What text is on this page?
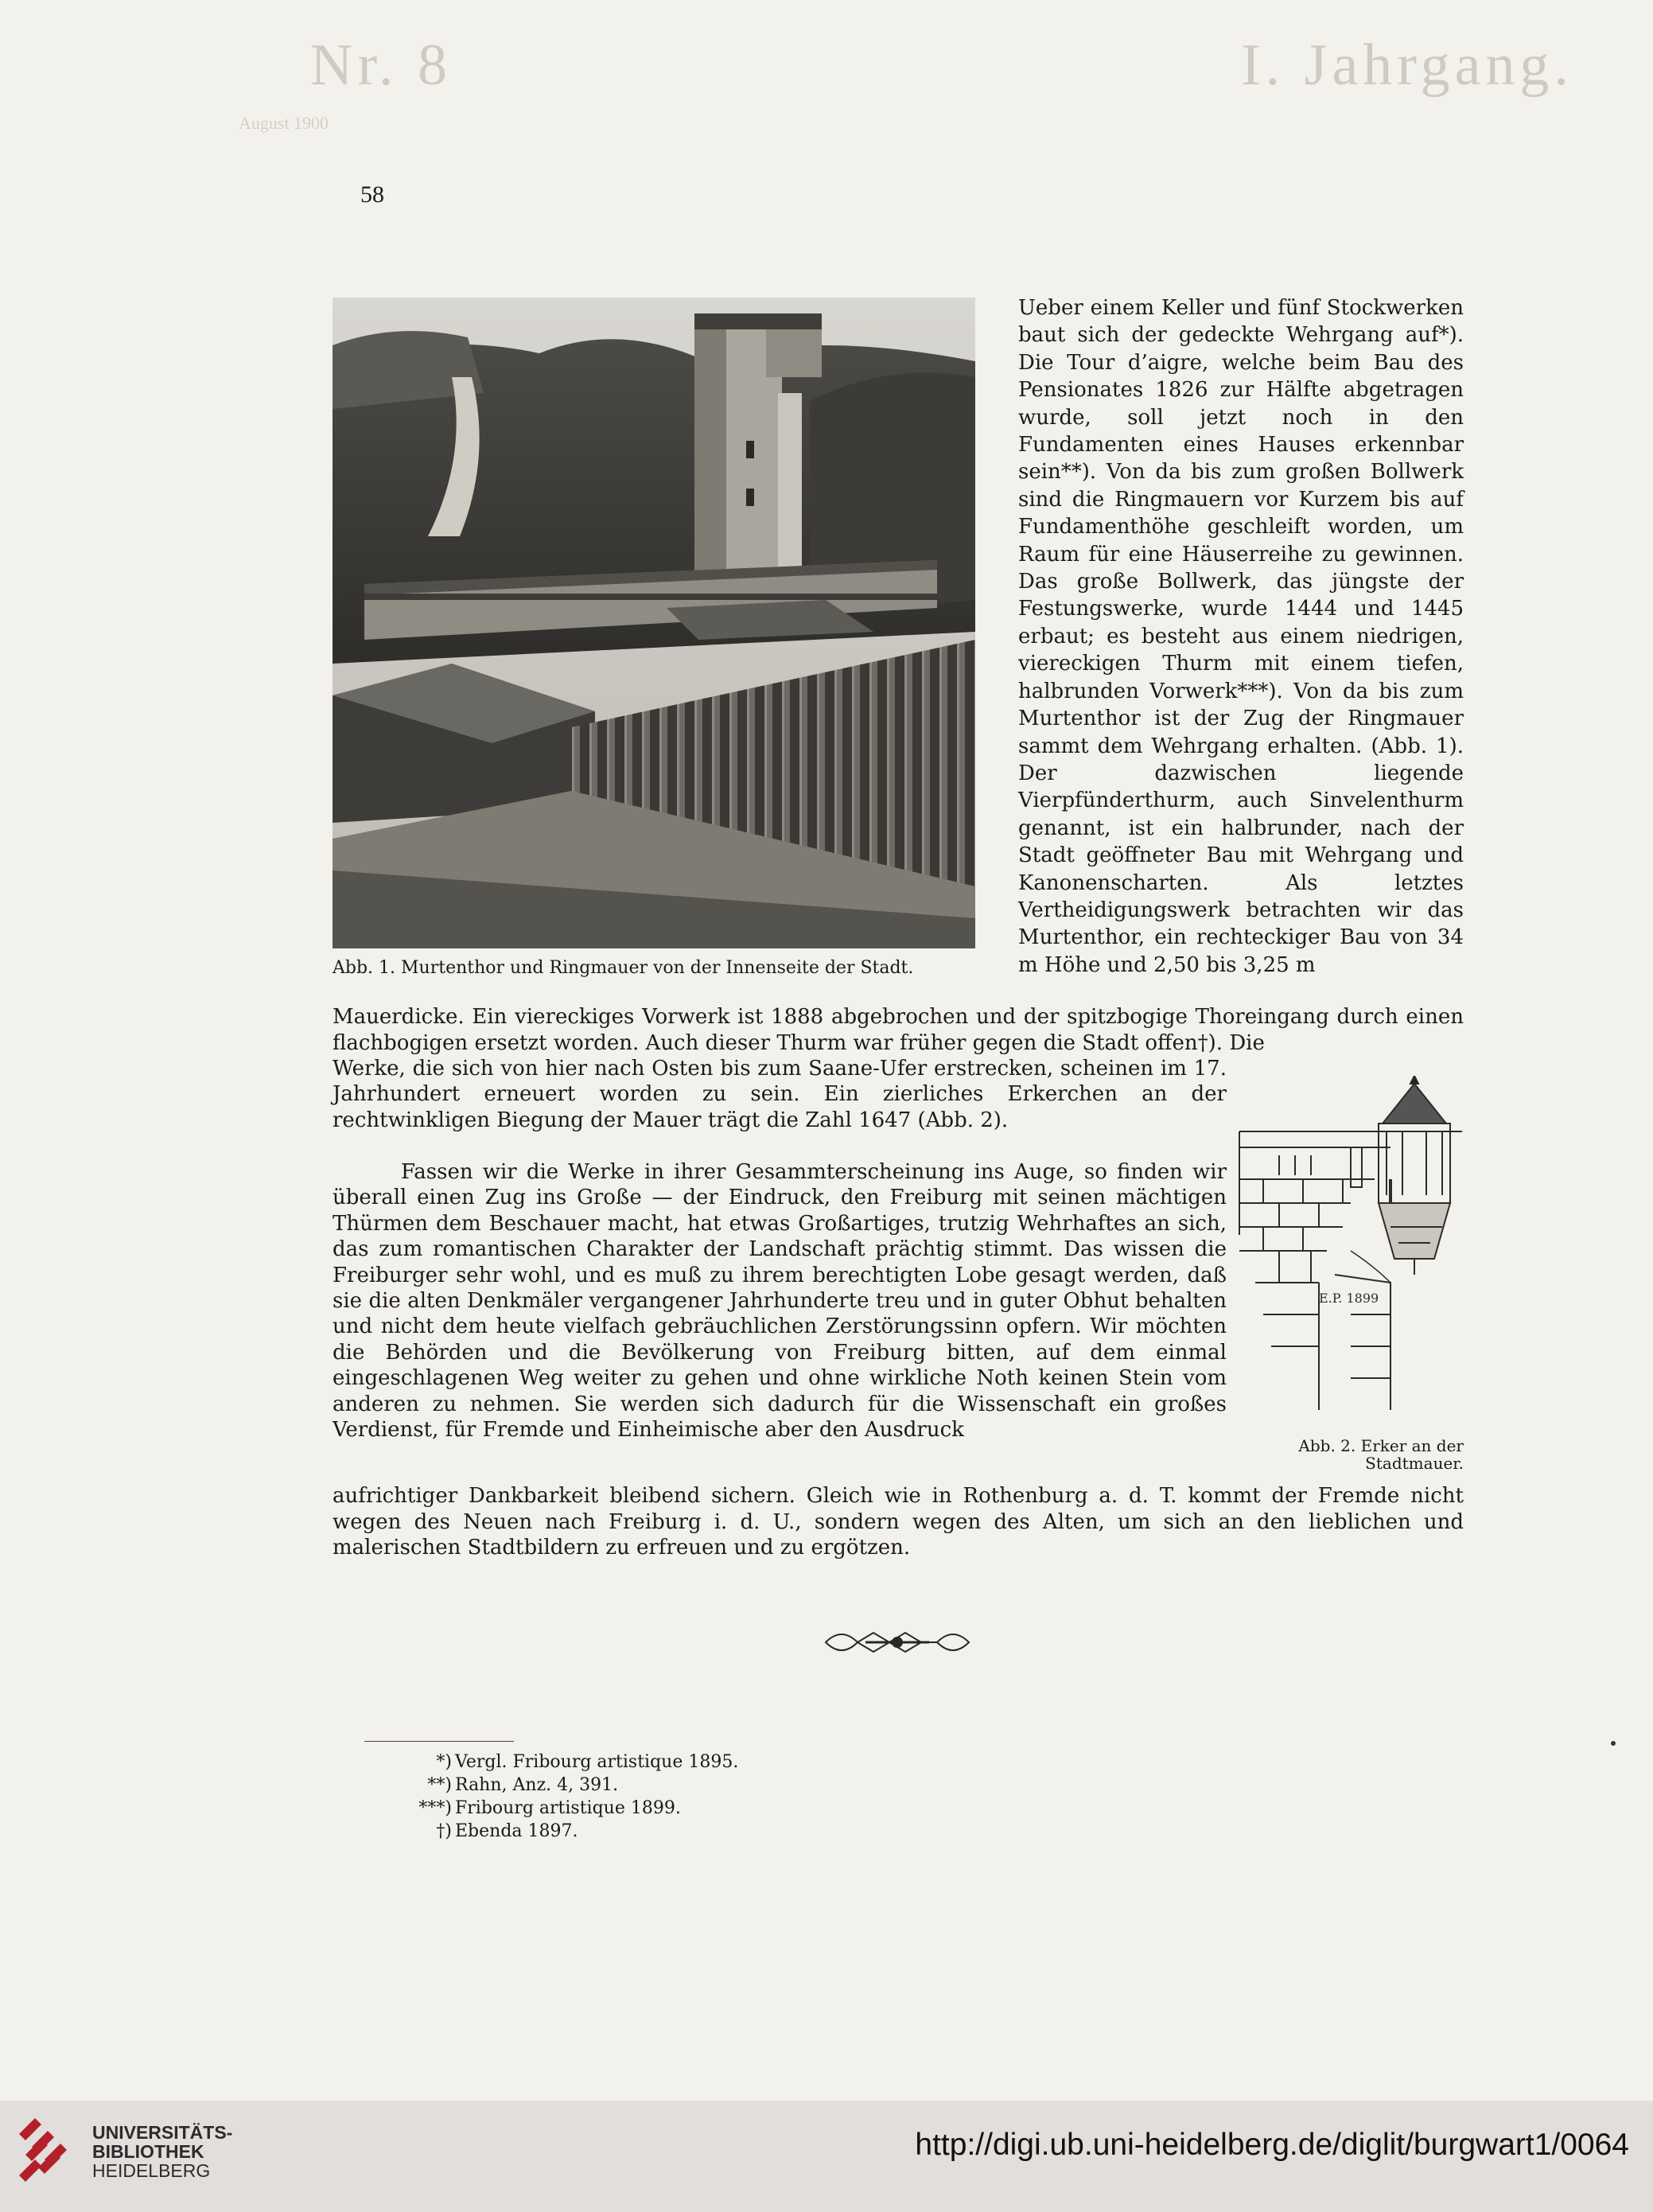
I. Jahrgang.
Nr. 8
August 1900
58
Abb. 1. Murtenthor und Ringmauer von der Innenseite der Stadt.

Ueber einem Keller und fünf Stockwerken baut sich der gedeckte Wehrgang auf*). Die Tour d’aigre, welche beim Bau des Pensionates 1826 zur Hälfte abgetragen wurde, soll jetzt noch in den Fundamenten eines Hauses erkennbar sein**). Von da bis zum großen Bollwerk sind die Ringmauern vor Kurzem bis auf Fundamenthöhe geschleift worden, um Raum für eine Häuserreihe zu gewinnen. Das große Bollwerk, das jüngste der Festungswerke, wurde 1444 und 1445 erbaut; es besteht aus einem niedrigen, viereckigen Thurm mit einem tiefen, halbrunden Vorwerk***). Von da bis zum Murtenthor ist der Zug der Ringmauer sammt dem Wehrgang erhalten. (Abb. 1). Der dazwischen liegende Vierpfünderthurm, auch Sinvelenthurm genannt, ist ein halbrunder, nach der Stadt geöffneter Bau mit Wehrgang und Kanonenscharten. Als letztes Vertheidigungswerk betrachten wir das Murtenthor, ein rechteckiger Bau von 34 m Höhe und 2,50 bis 3,25 m

Mauerdicke. Ein viereckiges Vorwerk ist 1888 abgebrochen und der spitzbogige Thoreingang durch einen flachbogigen ersetzt worden. Auch dieser Thurm war früher gegen die Stadt offen†). Die

Werke, die sich von hier nach Osten bis zum Saane-Ufer erstrecken, scheinen im 17. Jahrhundert erneuert worden zu sein. Ein zierliches Erkerchen an der rechtwinkligen Biegung der Mauer trägt die Zahl 1647 (Abb. 2).

Fassen wir die Werke in ihrer Gesammterscheinung ins Auge, so finden wir überall einen Zug ins Große — der Eindruck, den Freiburg mit seinen mächtigen Thürmen dem Beschauer macht, hat etwas Großartiges, trutzig Wehrhaftes an sich, das zum romantischen Charakter der Landschaft prächtig stimmt. Das wissen die Freiburger sehr wohl, und es muß zu ihrem berechtigten Lobe gesagt werden, daß sie die alten Denkmäler vergangener Jahrhunderte treu und in guter Obhut behalten und nicht dem heute vielfach gebräuchlichen Zerstörungssinn opfern. Wir möchten die Behörden und die Bevölkerung von Freiburg bitten, auf dem einmal eingeschlagenen Weg weiter zu gehen und ohne wirkliche Noth keinen Stein vom anderen zu nehmen. Sie werden sich dadurch für die Wissenschaft ein großes Verdienst, für Fremde und Einheimische aber den Ausdruck

E.P. 1899
Abb. 2. Erker an der Stadtmauer.

aufrichtiger Dankbarkeit bleibend sichern. Gleich wie in Rothenburg a. d. T. kommt der Fremde nicht wegen des Neuen nach Freiburg i. d. U., sondern wegen des Alten, um sich an den lieblichen und malerischen Stadtbildern zu erfreuen und zu ergötzen.

*) Vergl. Fribourg artistique 1895.
**) Rahn, Anz. 4, 391.
***) Fribourg artistique 1899.
†) Ebenda 1897.
UNIVERSITÄTS-
BIBLIOTHEK
HEIDELBERG
http://digi.ub.uni-heidelberg.de/diglit/burgwart1/0064
